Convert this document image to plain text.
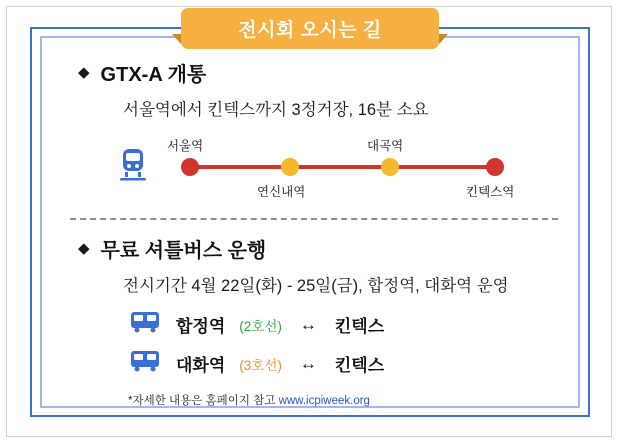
전시회 오시는 길
◆ GTX-A 개통
서울역에서 킨텍스까지 3정거장, 16분 소요
서울역
연신내역
대곡역
킨텍스역
◆ 무료 셔틀버스 운행
전시기간 4월 22일(화) - 25일(금), 합정역, 대화역 운영
합정역 (2호선) ↔ 킨텍스
대화역 (3호선) ↔ 킨텍스
*자세한 내용은 홈페이지 참고 www.icpiweek.org
